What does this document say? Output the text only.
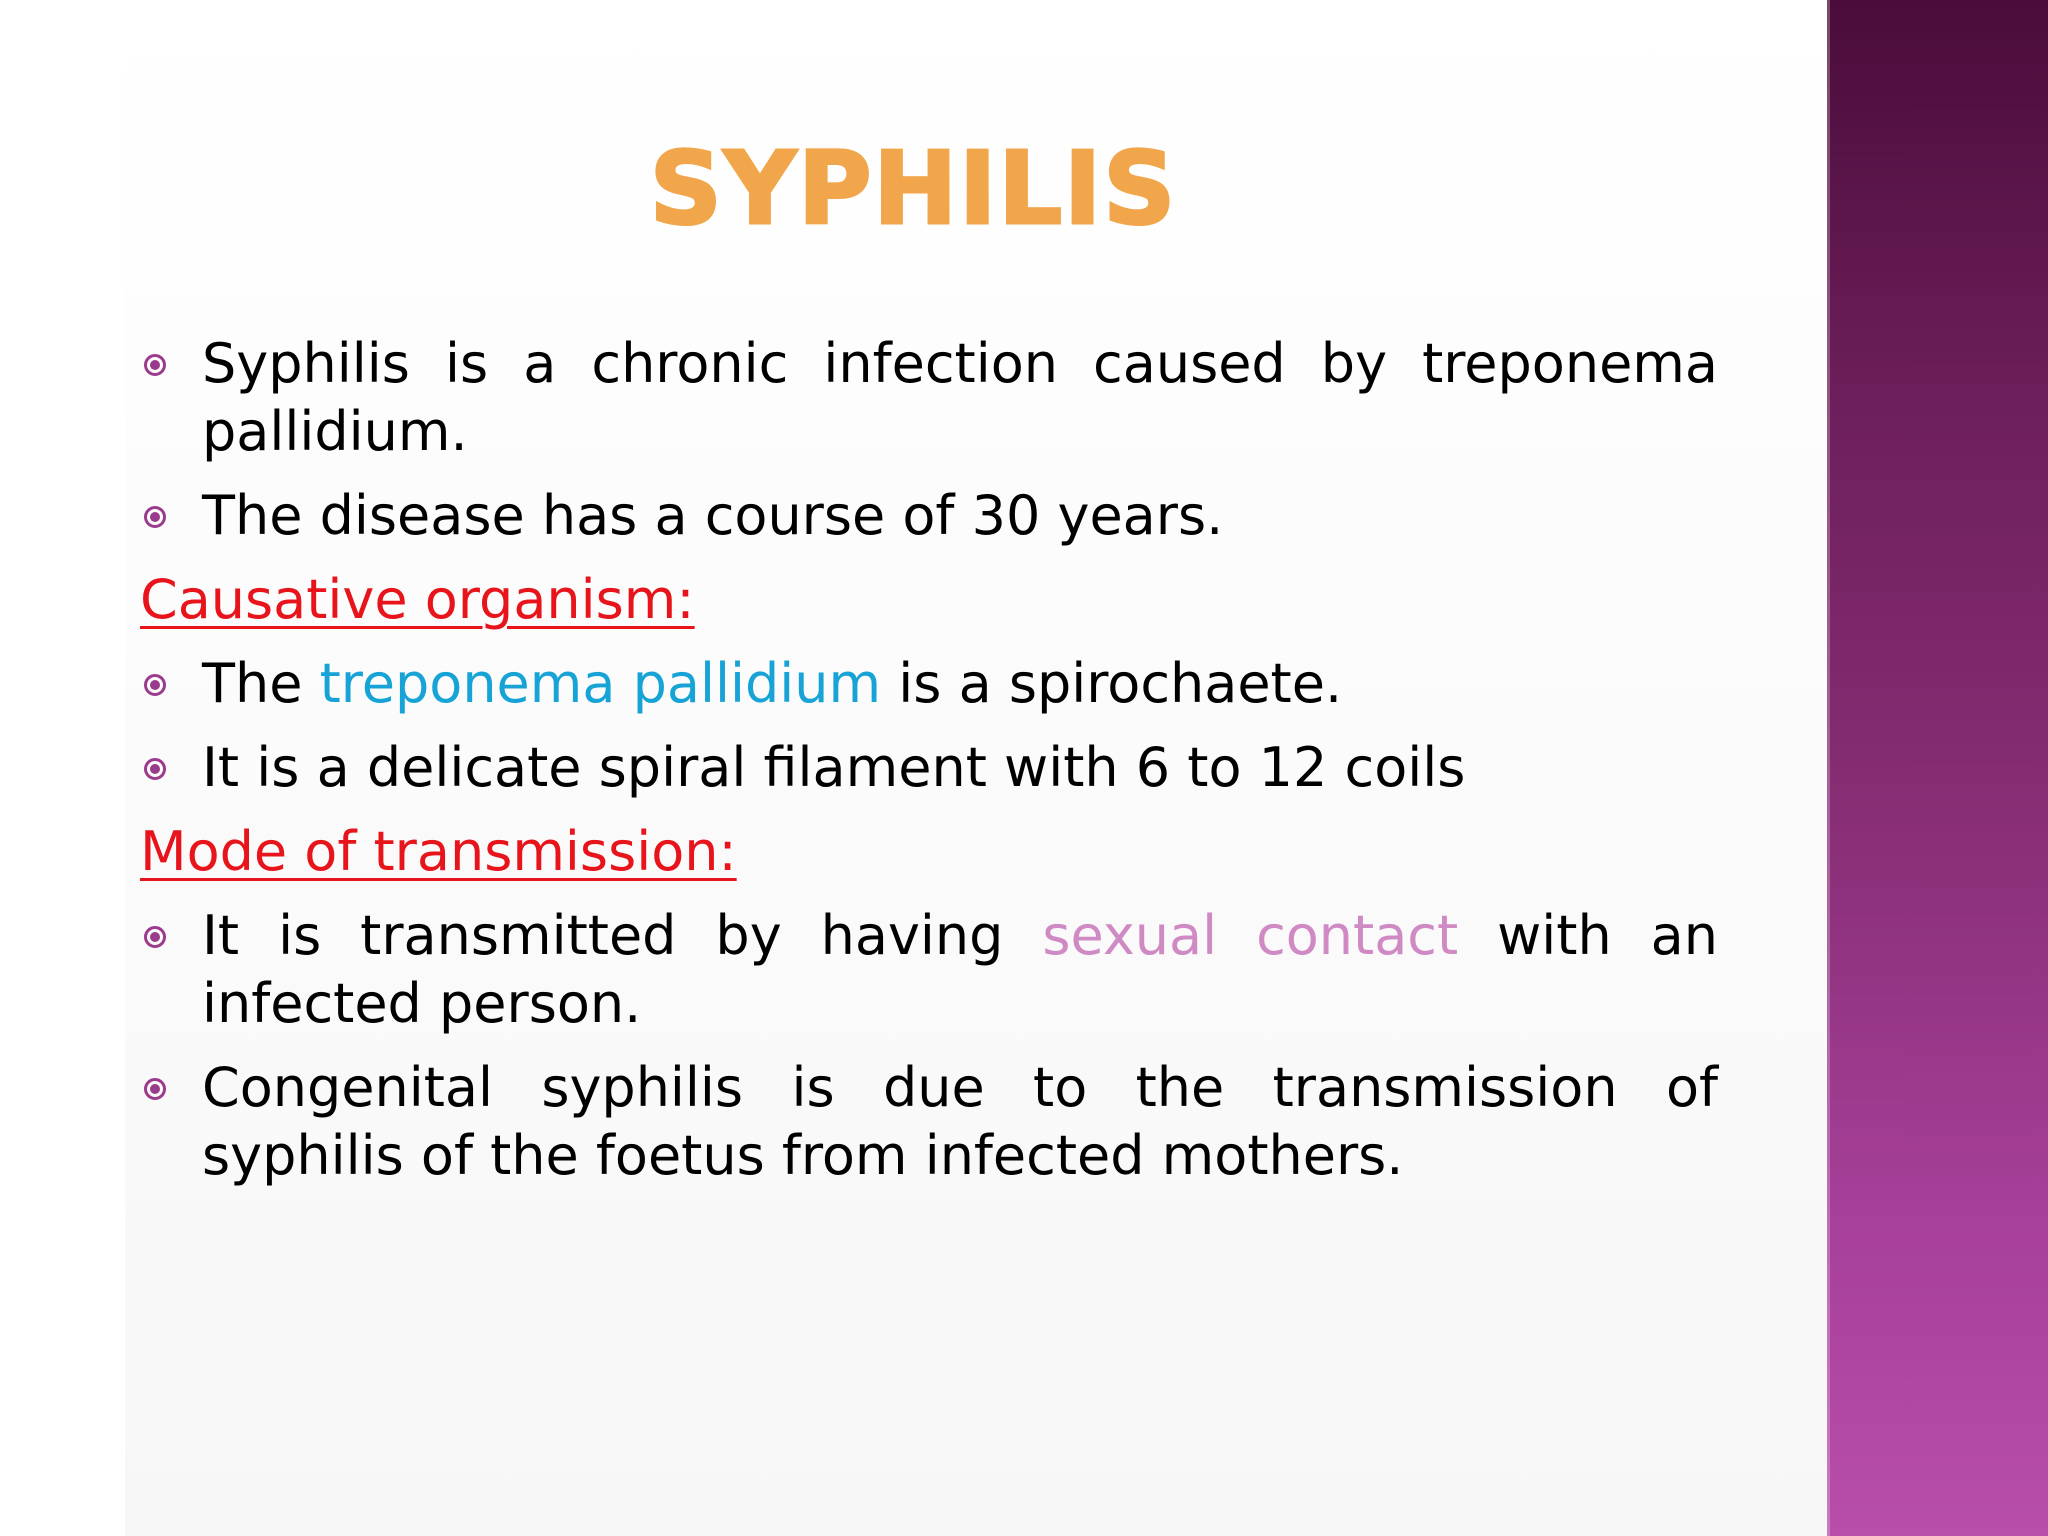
SYPHILIS
Syphilis is a chronic infection caused by treponema pallidium.
The disease has a course of 30 years.
Causative organism:
The treponema pallidium is a spirochaete.
It is a delicate spiral filament with 6 to 12 coils
Mode of transmission:
It is transmitted by having sexual contact with an infected person.
Congenital syphilis is due to the transmission of syphilis of the foetus from infected mothers.
